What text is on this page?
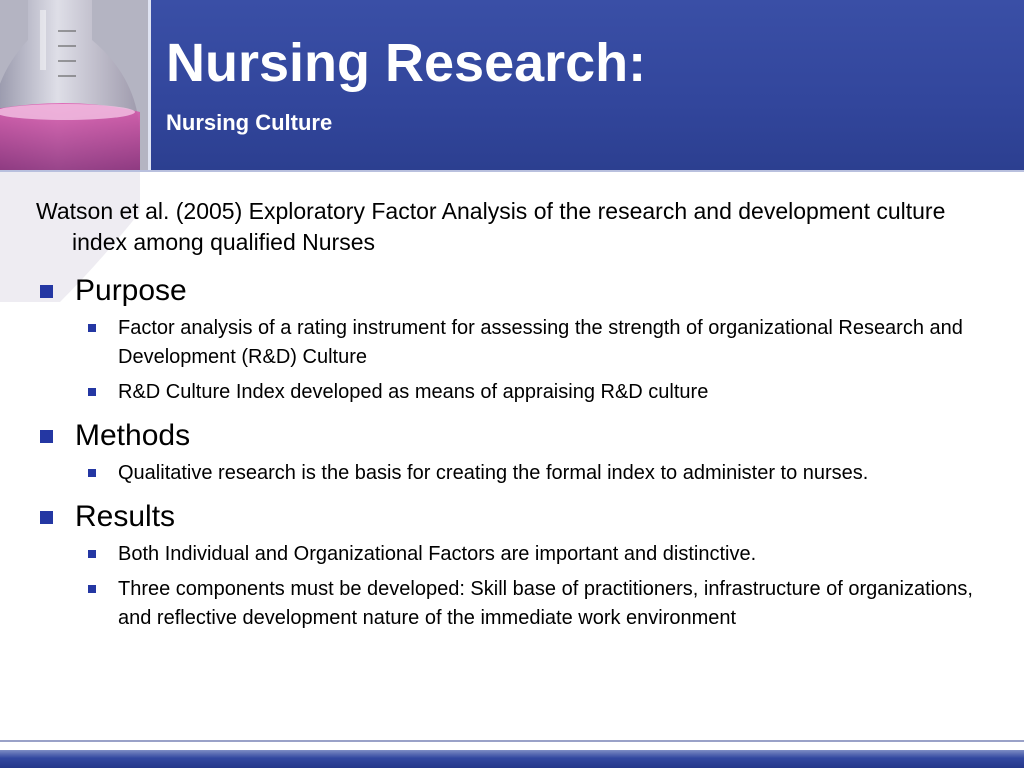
Nursing Research:
Nursing Culture

Watson et al. (2005) Exploratory Factor Analysis of the research and development culture index among qualified Nurses

Purpose
Factor analysis of a rating instrument for assessing the strength of organizational Research and Development (R&D) Culture
R&D Culture Index developed as means of appraising R&D culture
Methods
Qualitative research is the basis for creating the formal index to administer to nurses.
Results
Both Individual and Organizational Factors are important and distinctive.
Three components must be developed: Skill base of practitioners, infrastructure of organizations, and reflective development nature of the immediate work environment
